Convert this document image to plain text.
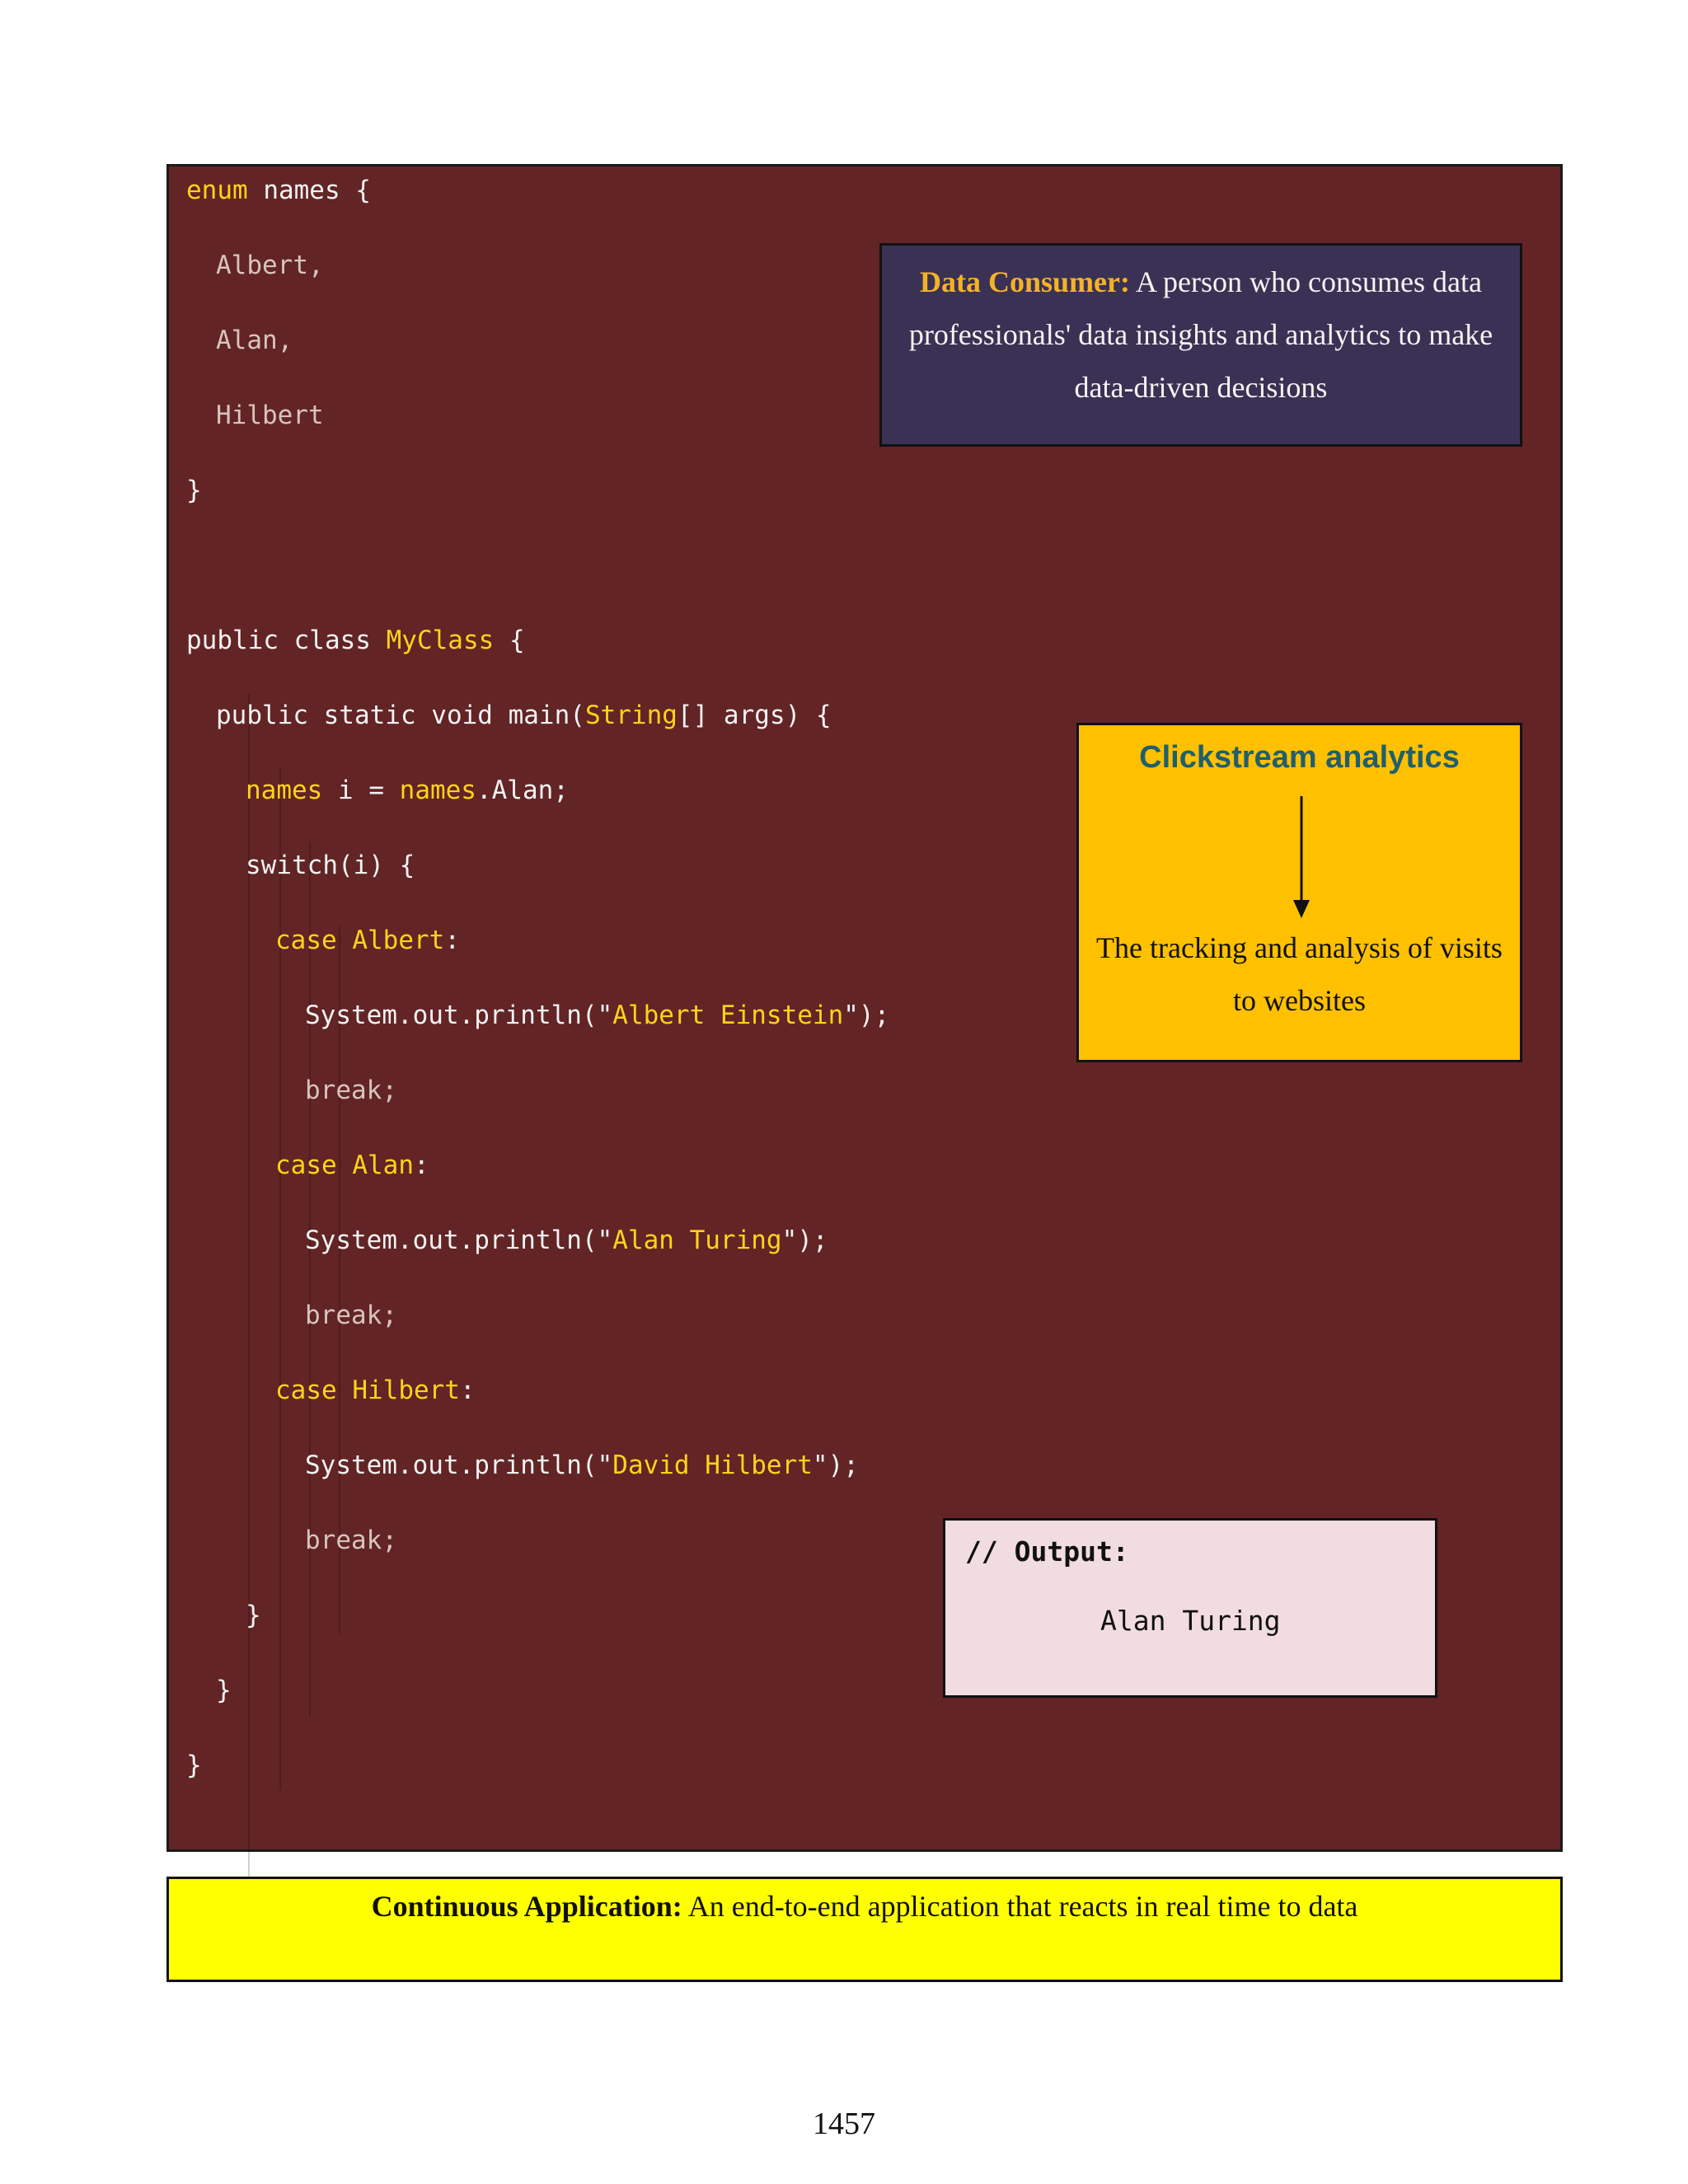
enum names {
Albert,
Alan,
Hilbert
}
public class MyClass {
public static void main(String[] args) {
names i = names.Alan;
switch(i) {
case Albert:
System.out.println("Albert Einstein");
break;
case Alan:
System.out.println("Alan Turing");
break;
case Hilbert:
System.out.println("David Hilbert");
break;
}
}
}
Data Consumer: A person who consumes data professionals' data insights and analytics to make data-driven decisions
Clickstream analytics
The tracking and analysis of visits to websites
// Output:
Alan Turing
Continuous Application: An end-to-end application that reacts in real time to data
1457
